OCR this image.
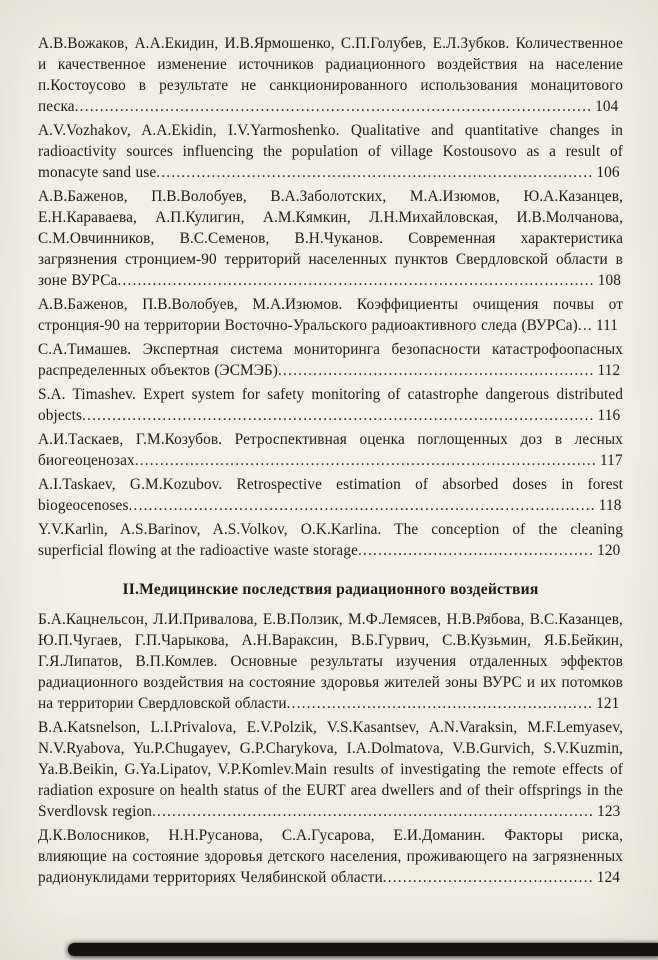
А.В.Вожаков, А.А.Екидин, И.В.Ярмошенко, С.П.Голубев, Е.Л.Зубков. Количественное и качественное изменение источников радиационного воздействия на население п.Костоусово в результате не санкционированного использования монацитового песка....................................................................................................... 104

A.V.Vozhakov, A.A.Ekidin, I.V.Yarmoshenko. Qualitative and quantitative changes in radioactivity sources influencing the population of village Kostousovo as a result of monacyte sand use....................................................................................... 106

А.В.Баженов, П.В.Волобуев, В.А.Заболотских, М.А.Изюмов, Ю.А.Казанцев, Е.Н.Караваева, А.П.Кулигин, А.М.Кямкин, Л.Н.Михайловская, И.В.Молчанова, С.М.Овчинников, В.С.Семенов, В.Н.Чуканов. Современная характеристика загрязнения стронцием-90 территорий населенных пунктов Свердловской области в зоне ВУРСа............................................................................................... 108

А.В.Баженов, П.В.Волобуев, М.А.Изюмов. Коэффициенты очищения почвы от стронция-90 на территории Восточно-Уральского радиоактивного следа (ВУРСа)... 111

С.А.Тимашев. Экспертная система мониторинга безопасности катастрофоопасных распределенных объектов (ЭСМЭБ)............................................................... 112

S.A. Timashev. Expert system for safety monitoring of catastrophe dangerous distributed objects...................................................................................................... 116

А.И.Таскаев, Г.М.Козубов. Ретроспективная оценка поглощенных доз в лесных биогеоценозах............................................................................................ 117

A.I.Taskaev, G.M.Kozubov. Retrospective estimation of absorbed doses in forest biogeocenoses............................................................................................. 118

Y.V.Karlin, A.S.Barinov, A.S.Volkov, O.K.Karlina. The conception of the cleaning superficial flowing at the radioactive waste storage............................................... 120

II.Медицинские последствия радиационного воздействия

Б.А.Кацнельсон, Л.И.Привалова, Е.В.Ползик, М.Ф.Лемясев, Н.В.Рябова, В.С.Казанцев, Ю.П.Чугаев, Г.П.Чарыкова, А.Н.Вараксин, В.Б.Гурвич, С.В.Кузьмин, Я.Б.Бейкин, Г.Я.Липатов, В.П.Комлев. Основные результаты изучения отдаленных эффектов радиационного воздействия на состояние здоровья жителей зоны ВУРС и их потомков на территории Свердловской области............................................................. 121

B.A.Katsnelson, L.I.Privalova, E.V.Polzik, V.S.Kasantsev, A.N.Varaksin, M.F.Lemyasev, N.V.Ryabova, Yu.P.Chugayev, G.P.Charykova, I.A.Dolmatova, V.B.Gurvich, S.V.Kuzmin, Ya.B.Beikin, G.Ya.Lipatov, V.P.Komlev.Main results of investigating the remote effects of radiation exposure on health status of the EURT area dwellers and of their offsprings in the Sverdlovsk region........................................................................................ 123

Д.К.Волосников, Н.Н.Русанова, С.А.Гусарова, Е.И.Доманин. Факторы риска, влияющие на состояние здоровья детского населения, проживающего на загрязненных радионуклидами территориях Челябинской области.......................................... 124
